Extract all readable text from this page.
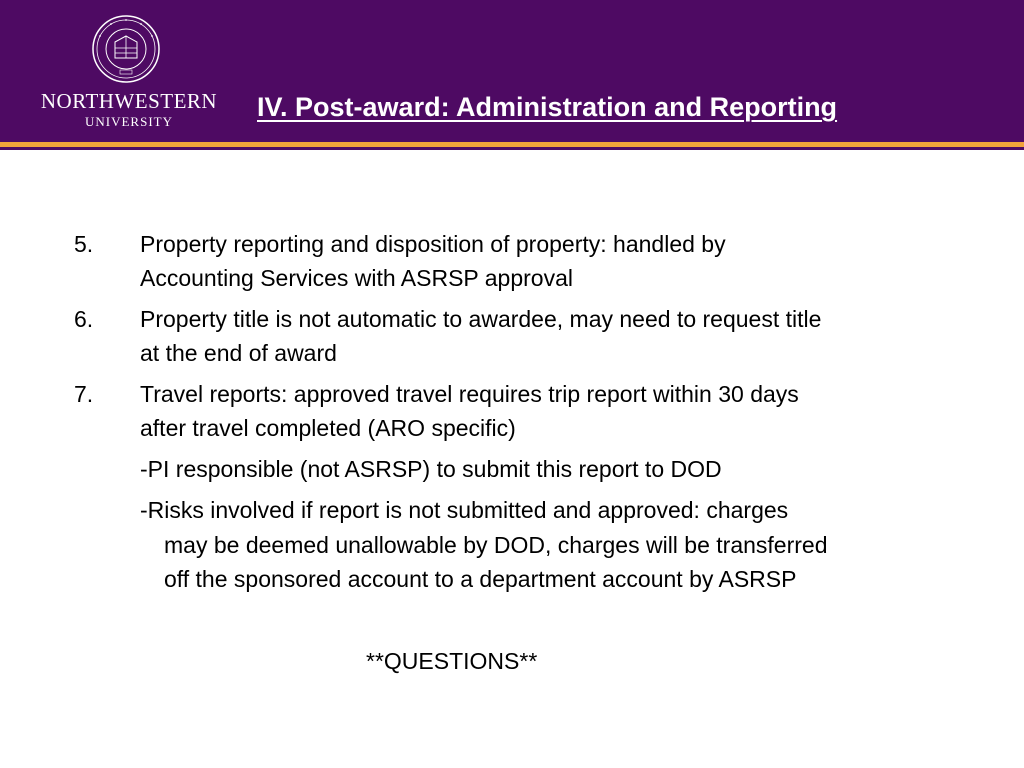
NORTHWESTERN
UNIVERSITY	IV. Post-award: Administration and Reporting
5. Property reporting and disposition of property: handled by
Accounting Services with ASRSP approval
6. Property title is not automatic to awardee, may need to request title
at the end of award
7. Travel reports: approved travel requires trip report within 30 days
after travel completed (ARO specific)
-PI responsible (not ASRSP) to submit this report to DOD
-Risks involved if report is not submitted and approved: charges
may be deemed unallowable by DOD, charges will be transferred
off the sponsored account to a department account by ASRSP
**QUESTIONS**
